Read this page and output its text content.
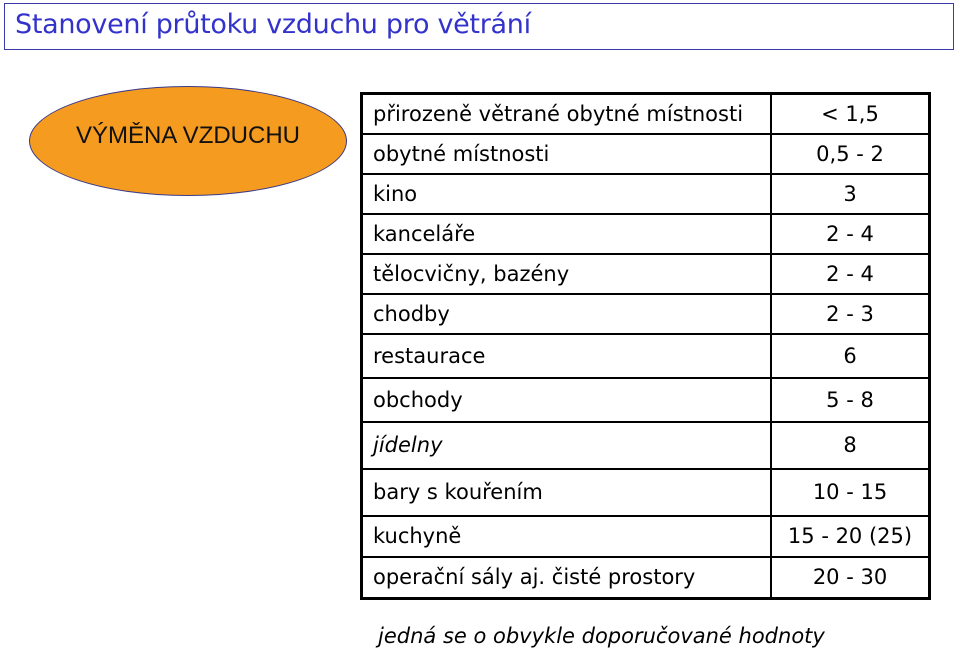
Stanovení průtoku vzduchu pro větrání
VÝMĚNA VZDUCHU
přirozeně větrané obytné místnosti	< 1,5
obytné místnosti	0,5 - 2
kino	3
kanceláře	2 - 4
tělocvičny, bazény	2 - 4
chodby	2 - 3
restaurace	6
obchody	5 - 8
jídelny	8
bary s kouřením	10 - 15
kuchyně	15 - 20 (25)
operační sály aj. čisté prostory	20 - 30
jedná se o obvykle doporučované hodnoty
